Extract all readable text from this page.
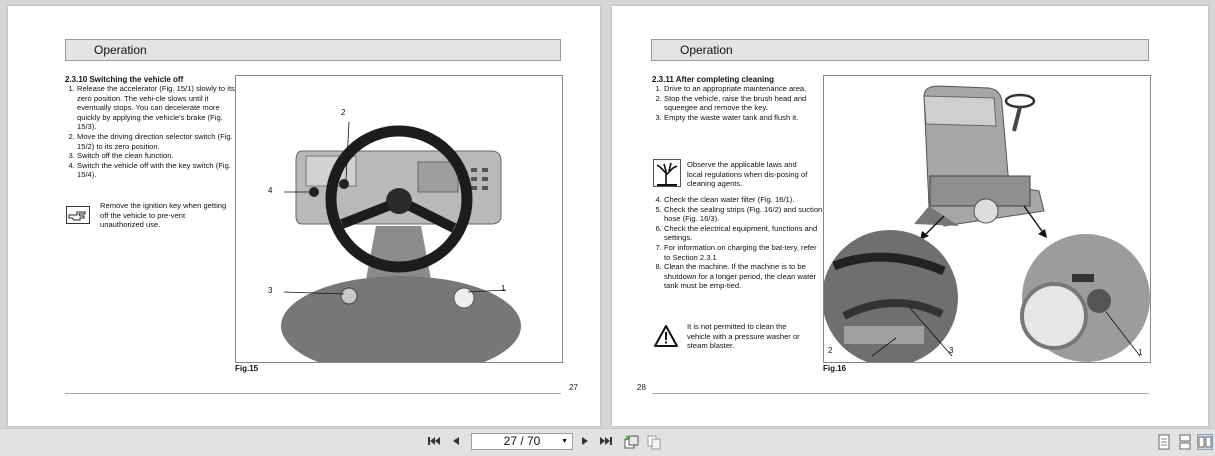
Operation
2.3.10 Switching the vehicle off
1. Release the accelerator (Fig. 15/1) slowly to its zero position. The vehi-cle slows until it eventually stops. You can decelerate more quickly by applying the vehicle's brake (Fig. 15/3).
2. Move the driving direction selector switch (Fig. 15/2) to its zero position.
3. Switch off the clean function.
4. Switch the vehicle off with the key switch (Fig. 15/4).
Remove the ignition key when getting off the vehicle to pre-vent unauthorized use.
2
4
3	1
Fig.15
27
Operation
2.3.11 After completing cleaning
1. Drive to an appropriate maintenance area.
2. Stop the vehicle, raise the brush head and squeegee and remove the key.
3. Empty the waste water tank and flush it.
Observe the applicable laws and local regulations when dis-posing of cleaning agents.
4. Check the clean water filter (Fig. 16/1).
5. Check the sealing strips (Fig. 16/2) and suction hose (Fig. 16/3).
6. Check the electrical equipment, functions and settings.
7. For information on charging the bat-tery, refer to Section 2.3.1
8. Clean the machine. If the machine is to be shutdown for a longer period, the clean water tank must be emp-tied.
It is not permitted to clean the vehicle with a pressure washer or steam blaster.
2	3	1
Fig.16
28
27 / 70	▼
